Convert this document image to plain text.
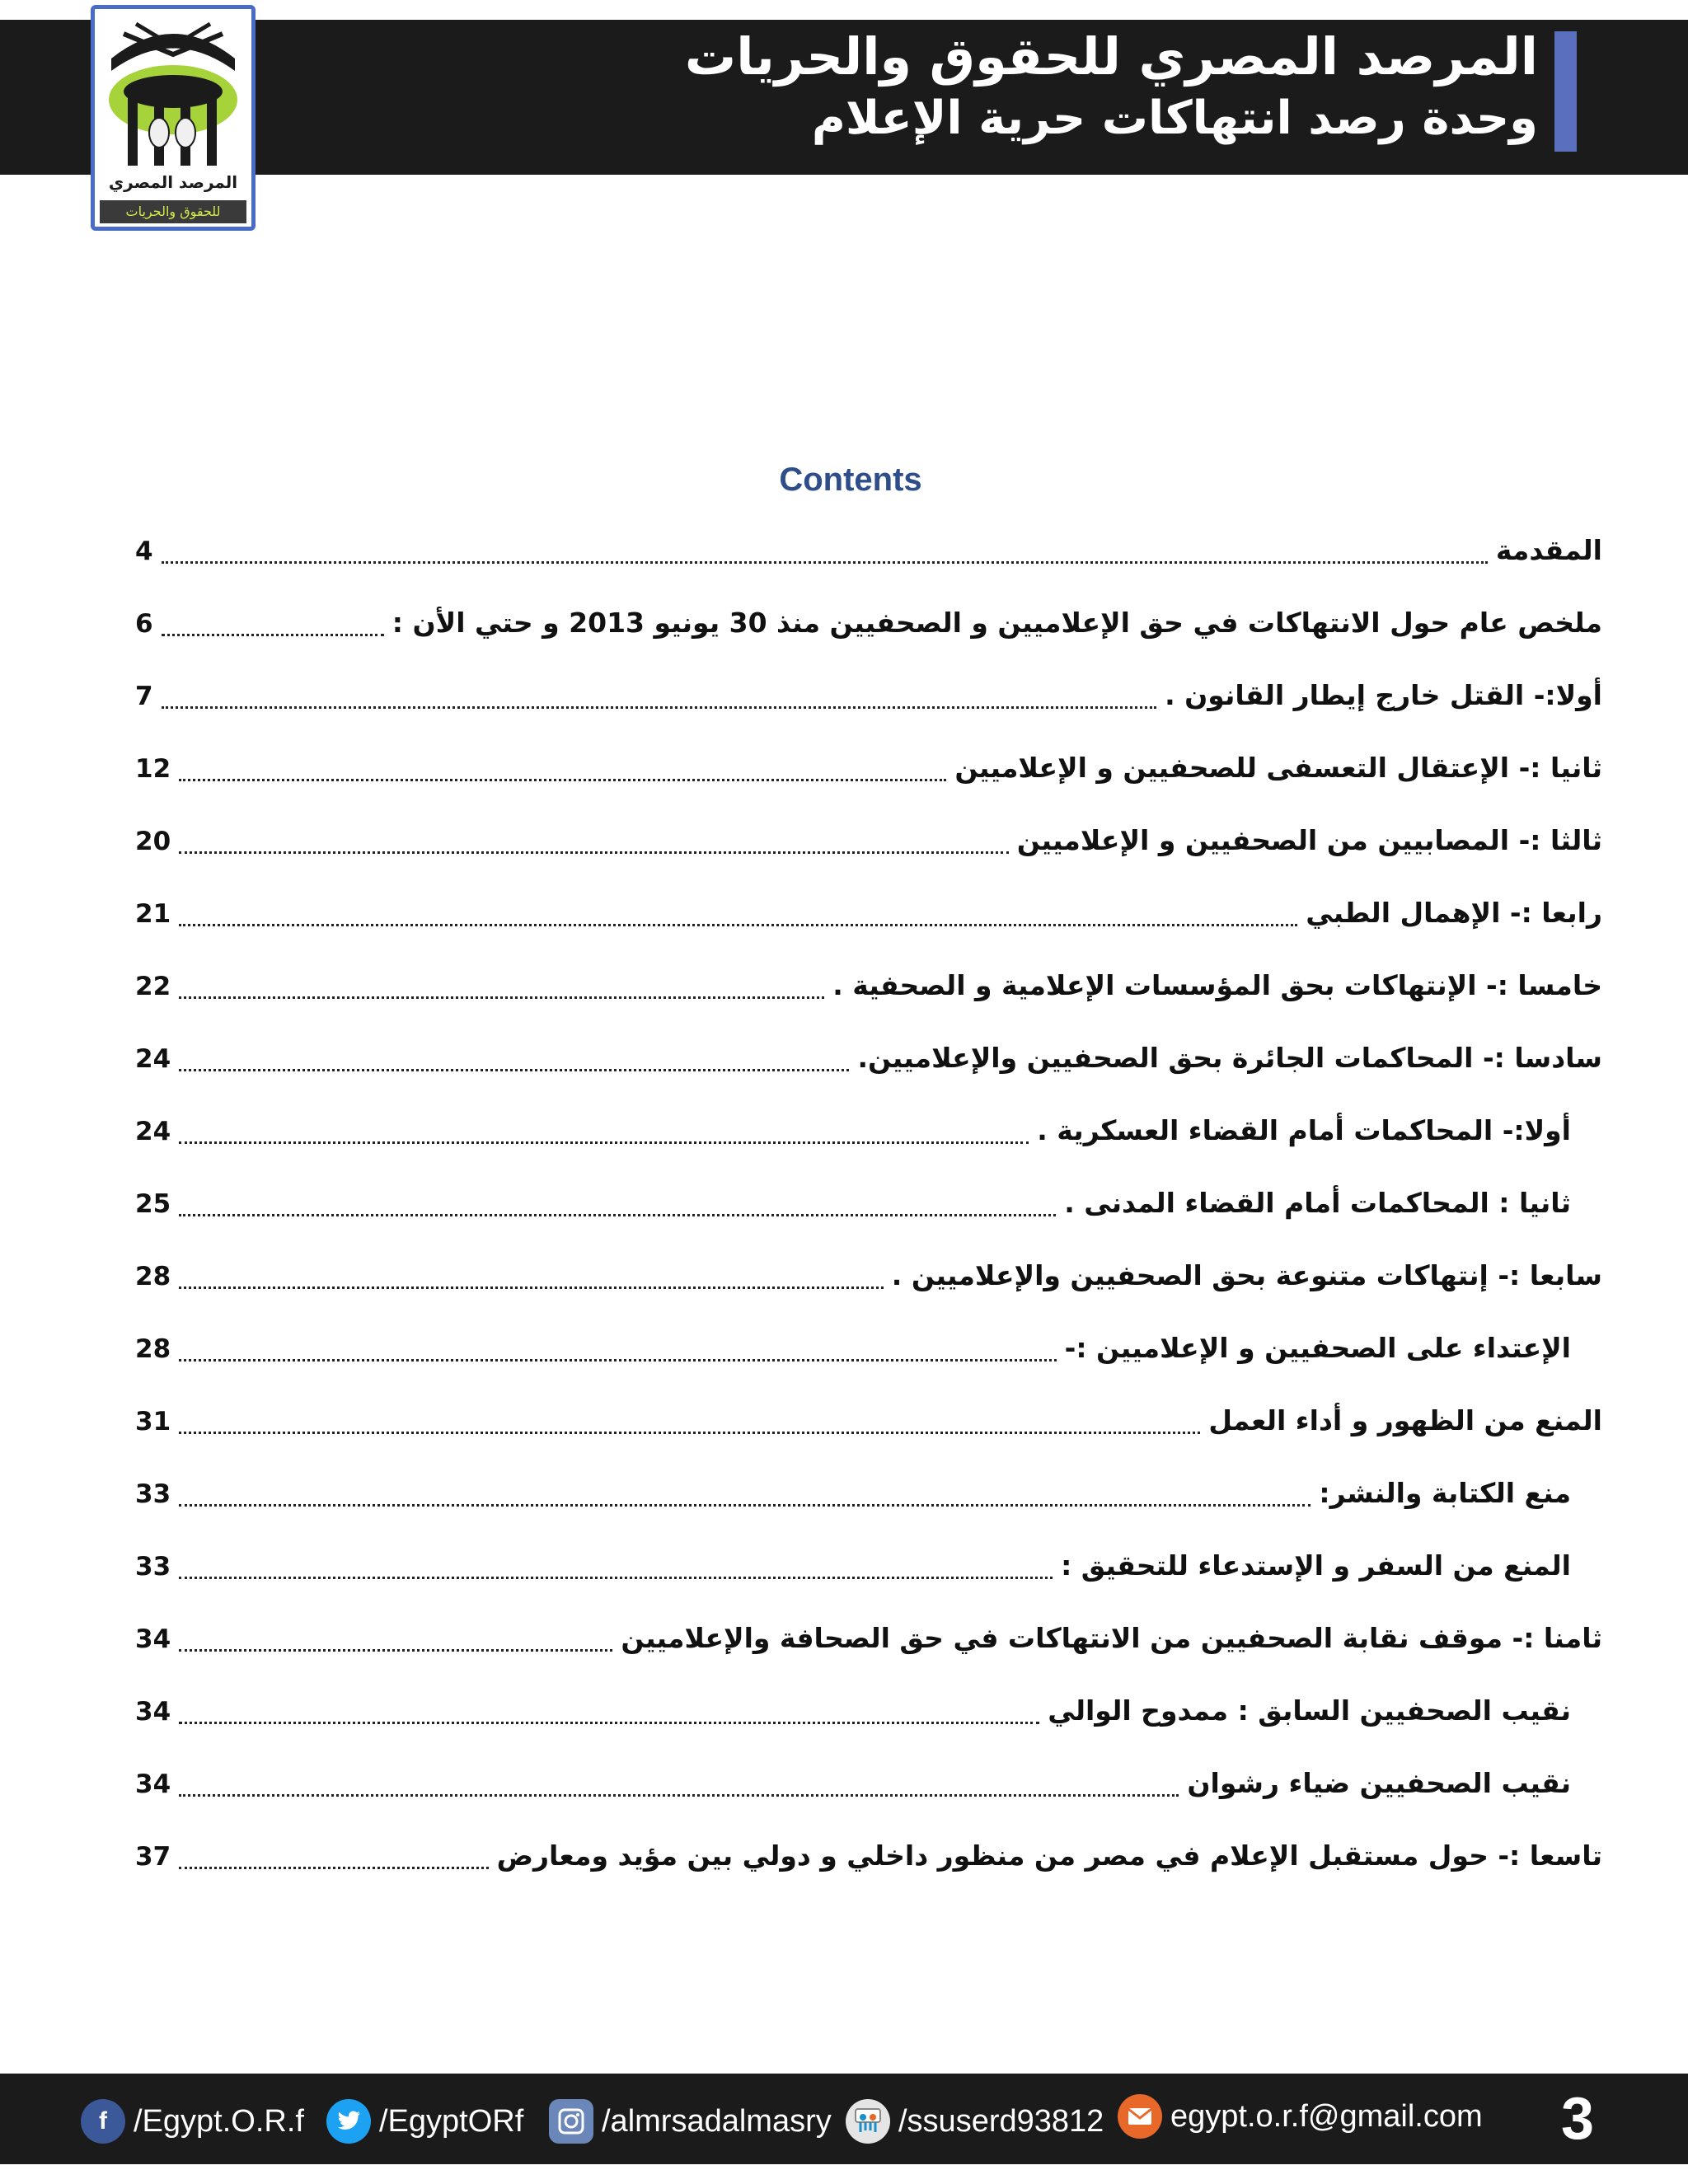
المرصد المصري للحقوق والحريات
وحدة رصد انتهاكات حرية الإعلام
المرصد المصري
للحقوق والحريات
Contents
المقدمة
4
ملخص عام حول الانتهاكات في حق الإعلاميين و الصحفيين منذ 30 يونيو 2013 و حتي الأن :
6
أولا:- القتل خارج إيطار القانون .
7
ثانيا :- الإعتقال التعسفى للصحفيين و الإعلاميين
12
ثالثا :- المصابيين من الصحفيين و الإعلاميين
20
رابعا :- الإهمال الطبي
21
خامسا :- الإنتهاكات بحق المؤسسات الإعلامية و الصحفية .
22
سادسا :- المحاكمات الجائرة بحق الصحفيين والإعلاميين.
24
أولا:- المحاكمات أمام القضاء العسكرية .
24
ثانيا : المحاكمات أمام القضاء المدنى .
25
سابعا :- إنتهاكات متنوعة بحق الصحفيين والإعلاميين .
28
الإعتداء على الصحفيين و الإعلاميين :-
28
المنع من الظهور و أداء العمل
31
منع الكتابة والنشر:
33
المنع من السفر و الإستدعاء للتحقيق :
33
ثامنا :- موقف نقابة الصحفيين من الانتهاكات في حق الصحافة والإعلاميين
34
نقيب الصحفيين السابق : ممدوح الوالي
34
نقيب الصحفيين ضياء رشوان
34
تاسعا :- حول مستقبل الإعلام في مصر من منظور داخلي و دولي بين مؤيد ومعارض
37
f /Egypt.O.R.f /EgyptORf /almrsadalmasry /ssuserd93812 egypt.o.r.f@gmail.com 3
